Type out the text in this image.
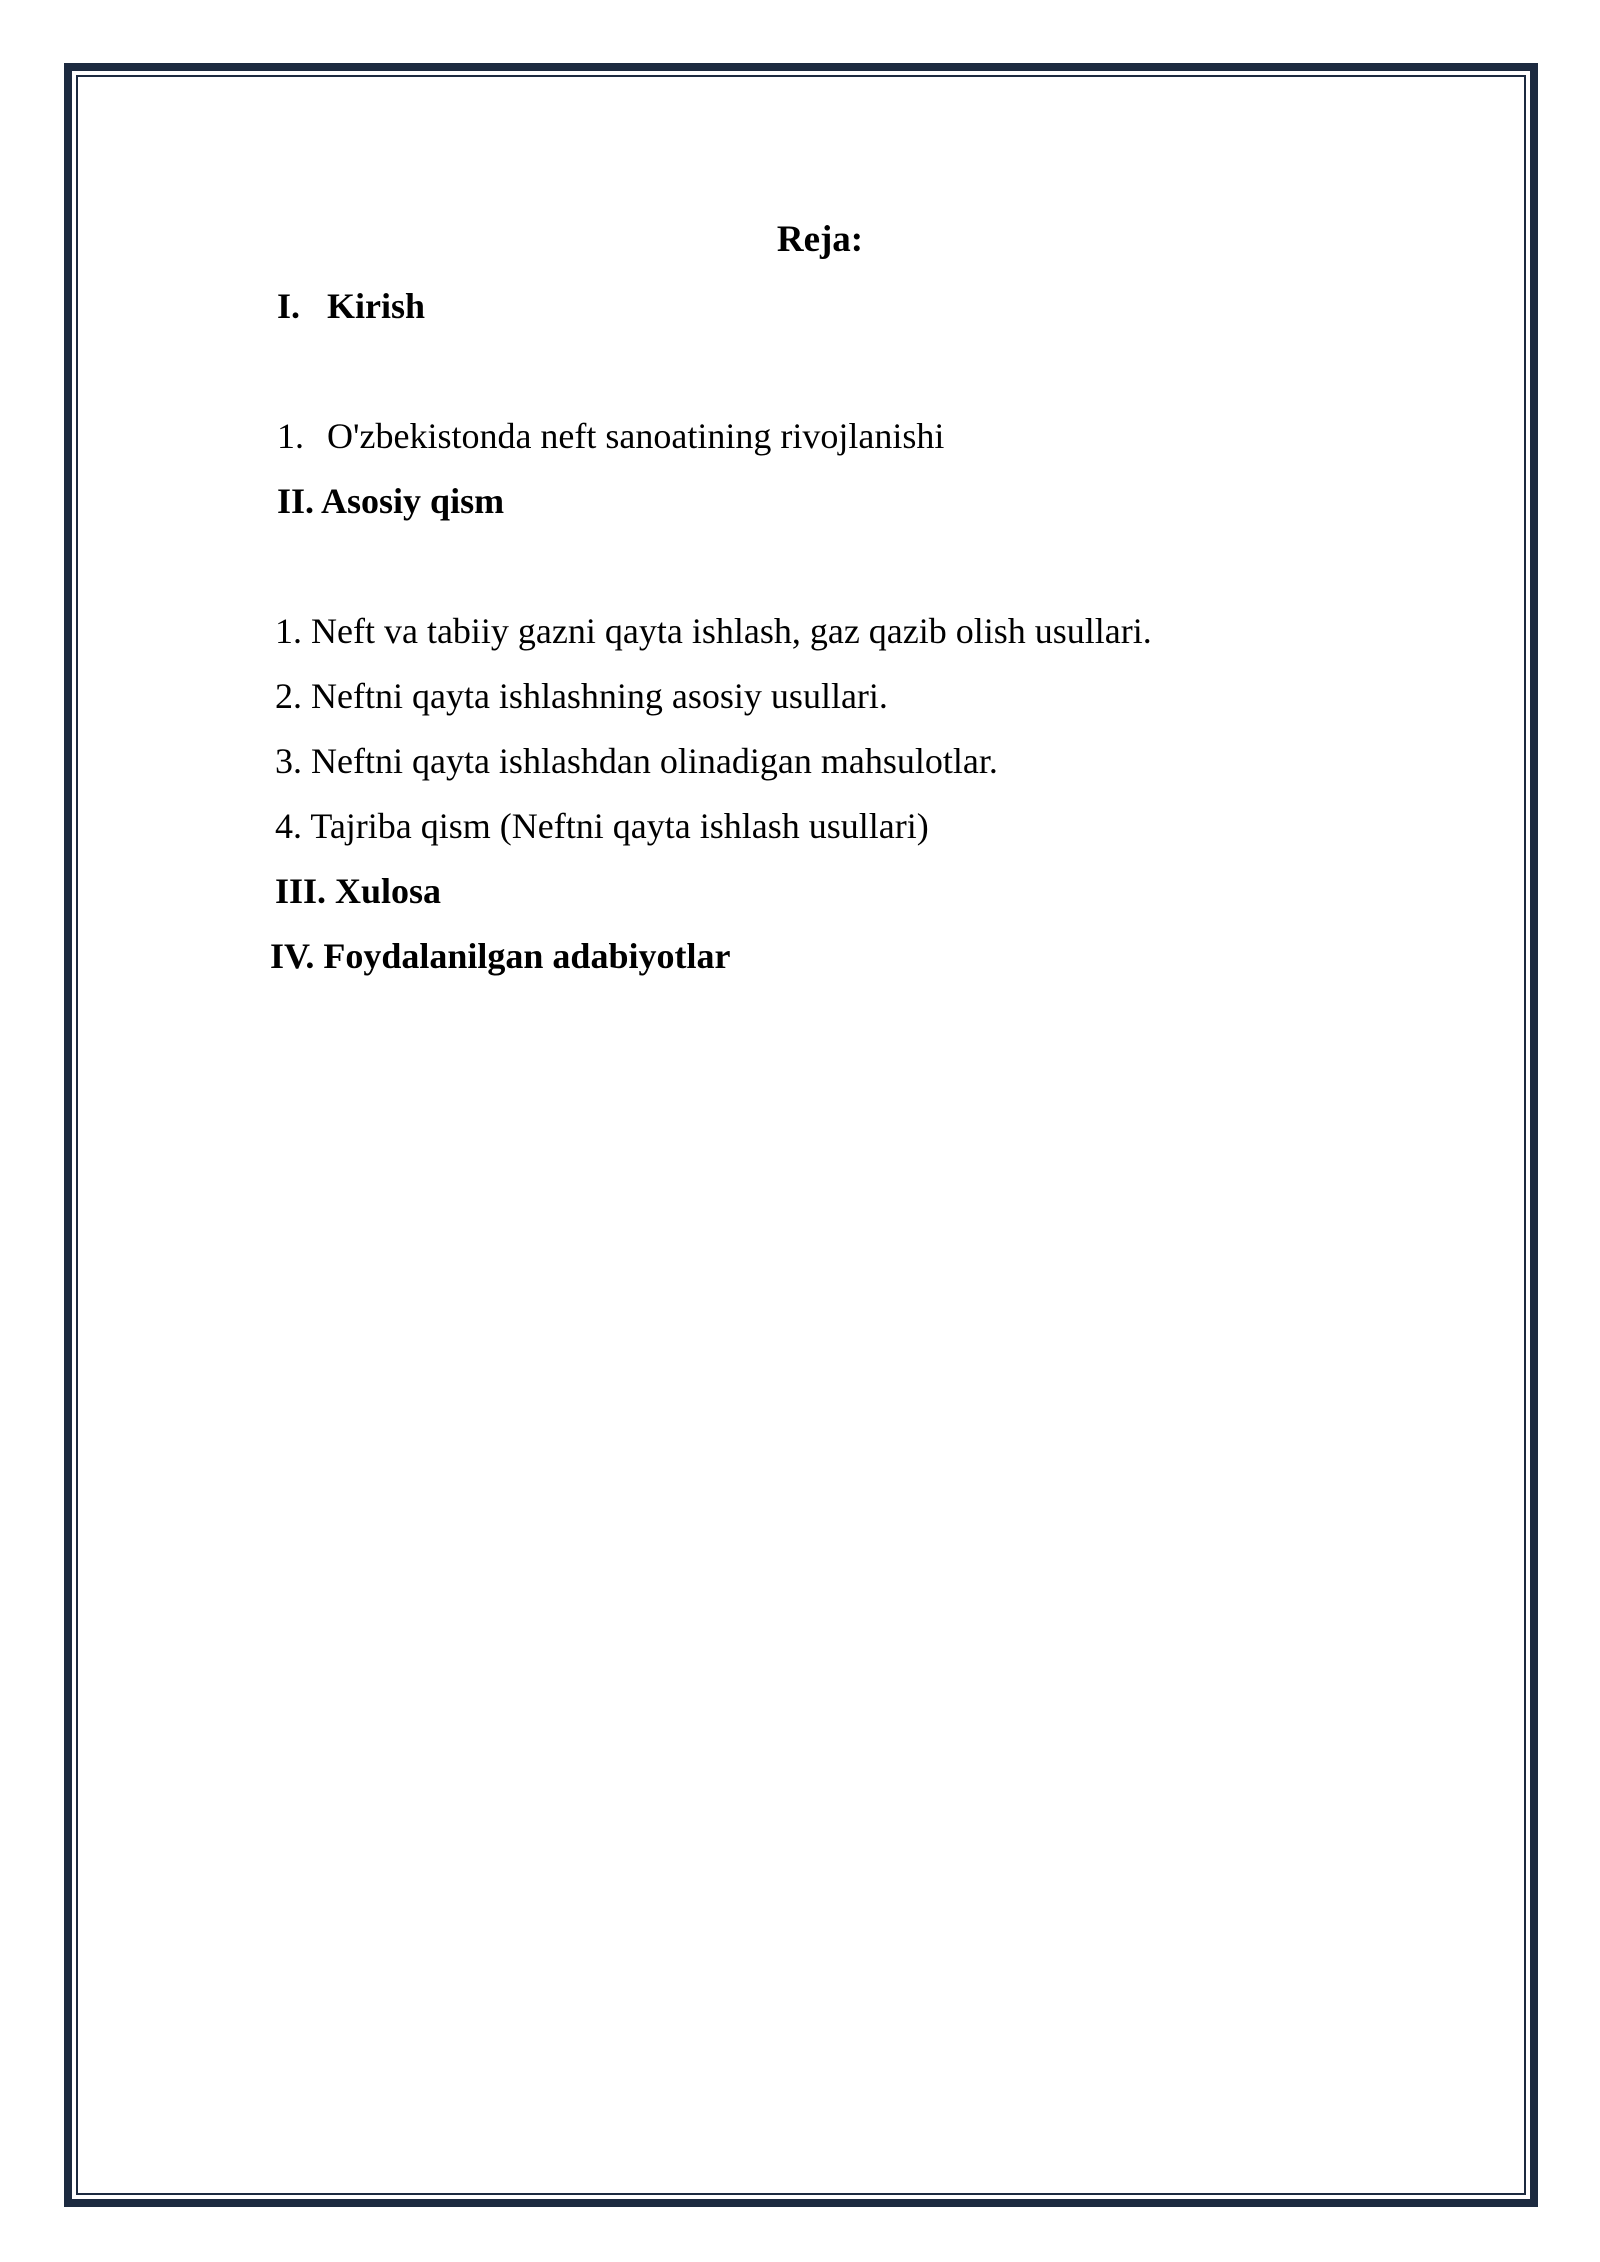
Reja:
I. Kirish
1. O'zbekistonda neft sanoatining rivojlanishi
II. Asosiy qism
1. Neft va tabiiy gazni qayta ishlash, gaz qazib olish usullari.
2. Neftni qayta ishlashning asosiy usullari.
3. Neftni qayta ishlashdan olinadigan mahsulotlar.
4. Tajriba qism (Neftni qayta ishlash usullari)
III. Xulosa
IV. Foydalanilgan adabiyotlar
